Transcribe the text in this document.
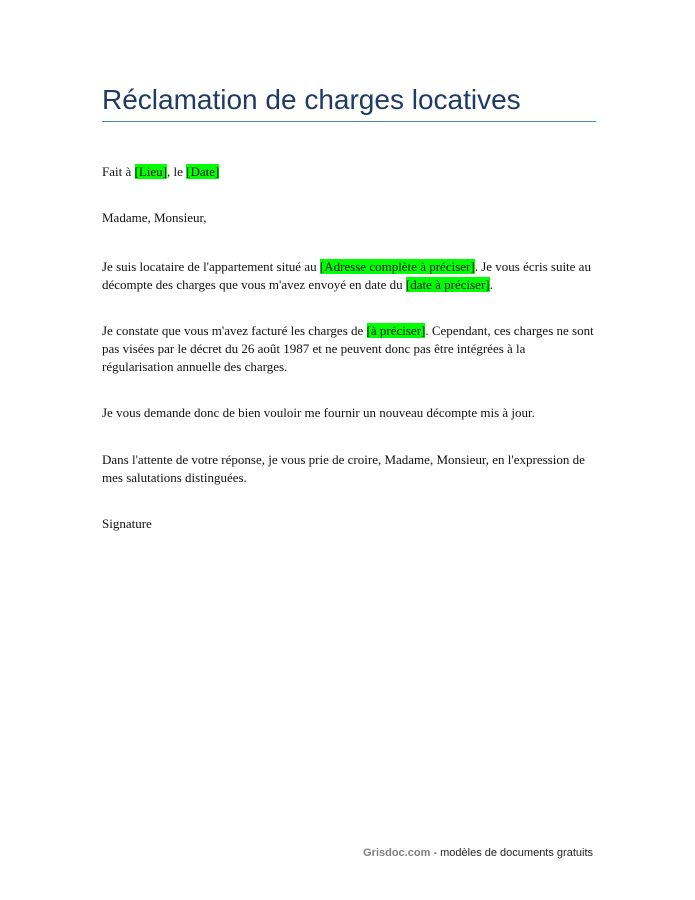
Réclamation de charges locatives

Fait à [Lieu], le [Date]

Madame, Monsieur,

Je suis locataire de l'appartement situé au [Adresse complète à préciser]. Je vous écris suite au décompte des charges que vous m'avez envoyé en date du [date à préciser].

Je constate que vous m'avez facturé les charges de [à préciser]. Cependant, ces charges ne sont pas visées par le décret du 26 août 1987 et ne peuvent donc pas être intégrées à la régularisation annuelle des charges.

Je vous demande donc de bien vouloir me fournir un nouveau décompte mis à jour.

Dans l'attente de votre réponse, je vous prie de croire, Madame, Monsieur, en l'expression de mes salutations distinguées.

Signature

Grisdoc.com - modèles de documents gratuits
